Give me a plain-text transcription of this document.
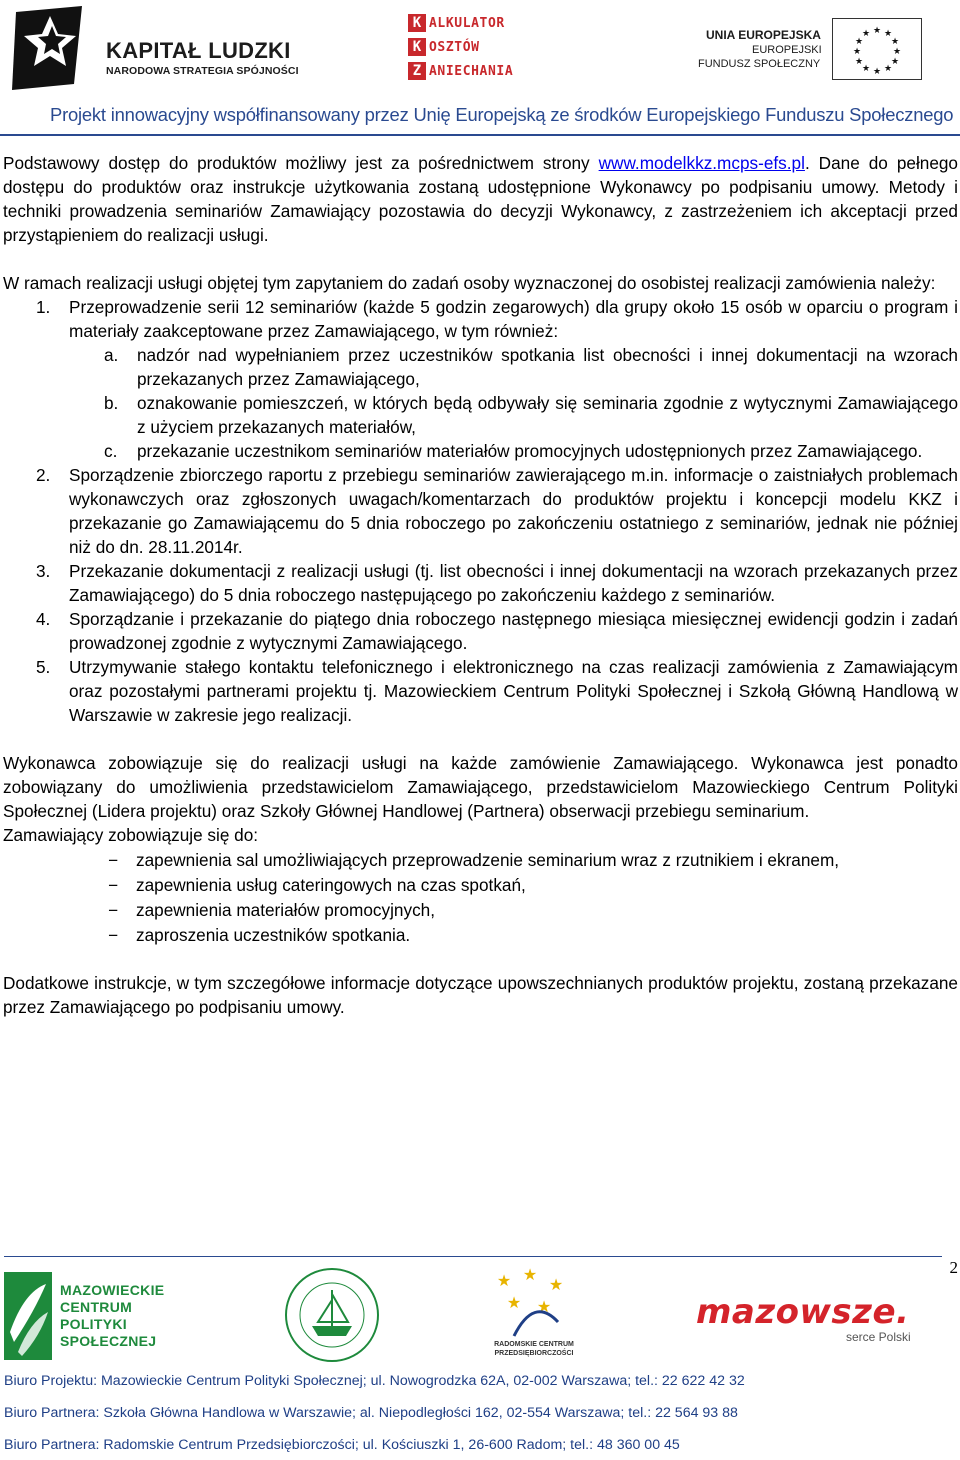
KAPITAŁ LUDZKI
NARODOWA STRATEGIA SPÓJNOŚCI
K ALKULATOR
K OSZTÓW
Z ANIECHANIA
UNIA EUROPEJSKA
EUROPEJSKI
FUNDUSZ SPOŁECZNY
★ ★
★
★
★
★
★
★
★
★
★
★
Projekt innowacyjny współfinansowany przez Unię Europejską ze środków Europejskiego Funduszu Społecznego

Podstawowy dostęp do produktów możliwy jest za pośrednictwem strony www.modelkkz.mcps-efs.pl. Dane do pełnego dostępu do produktów oraz instrukcje użytkowania zostaną udostępnione Wykonawcy po podpisaniu umowy. Metody i techniki prowadzenia seminariów Zamawiający pozostawia do decyzji Wykonawcy, z zastrzeżeniem ich akceptacji przed przystąpieniem do realizacji usługi.

W ramach realizacji usługi objętej tym zapytaniem do zadań osoby wyznaczonej do osobistej realizacji zamówienia należy:

1. Przeprowadzenie serii 12 seminariów (każde 5 godzin zegarowych) dla grupy około 15 osób w oparciu o program i materiały zaakceptowane przez Zamawiającego, w tym również:
a. nadzór nad wypełnianiem przez uczestników spotkania list obecności i innej dokumentacji na wzorach przekazanych przez Zamawiającego,
b. oznakowanie pomieszczeń, w których będą odbywały się seminaria zgodnie z wytycznymi Zamawiającego z użyciem przekazanych materiałów,
c. przekazanie uczestnikom seminariów materiałów promocyjnych udostępnionych przez Zamawiającego.
2. Sporządzenie zbiorczego raportu z przebiegu seminariów zawierającego m.in. informacje o zaistniałych problemach wykonawczych oraz zgłoszonych uwagach/komentarzach do produktów projektu i koncepcji modelu KKZ i przekazanie go Zamawiającemu do 5 dnia roboczego po zakończeniu ostatniego z seminariów, jednak nie później niż do dn. 28.11.2014r.
3. Przekazanie dokumentacji z realizacji usługi (tj. list obecności i innej dokumentacji na wzorach przekazanych przez Zamawiającego) do 5 dnia roboczego następującego po zakończeniu każdego z seminariów.
4. Sporządzanie i przekazanie do piątego dnia roboczego następnego miesiąca miesięcznej ewidencji godzin i zadań prowadzonej zgodnie z wytycznymi Zamawiającego.
5. Utrzymywanie stałego kontaktu telefonicznego i elektronicznego na czas realizacji zamówienia z Zamawiającym oraz pozostałymi partnerami projektu tj. Mazowieckiem Centrum Polityki Społecznej i Szkołą Główną Handlową w Warszawie w zakresie jego realizacji.

Wykonawca zobowiązuje się do realizacji usługi na każde zamówienie Zamawiającego. Wykonawca jest ponadto zobowiązany do umożliwienia przedstawicielom Zamawiającego, przedstawicielom Mazowieckiego Centrum Polityki Społecznej (Lidera projektu) oraz Szkoły Głównej Handlowej (Partnera) obserwacji przebiegu seminarium.

Zamawiający zobowiązuje się do:

− zapewnienia sal umożliwiających przeprowadzenie seminarium wraz z rzutnikiem i ekranem,
− zapewnienia usług cateringowych na czas spotkań,
− zapewnienia materiałów promocyjnych,
− zaproszenia uczestników spotkania.

Dodatkowe instrukcje, w tym szczegółowe informacje dotyczące upowszechnianych produktów projektu, zostaną przekazane przez Zamawiającego po podpisaniu umowy.

2
MAZOWIECKIE
CENTRUM
POLITYKI
SPOŁECZNEJ
★ ★
★
★ ★
RADOMSKIE CENTRUM PRZEDSIĘBIORCZOŚCI
mazowsze.
serce Polski
Biuro Projektu: Mazowieckie Centrum Polityki Społecznej; ul. Nowogrodzka 62A, 02-002 Warszawa; tel.: 22 622 42 32
Biuro Partnera: Szkoła Główna Handlowa w Warszawie; al. Niepodległości 162, 02-554 Warszawa; tel.: 22 564 93 88
Biuro Partnera: Radomskie Centrum Przedsiębiorczości; ul. Kościuszki 1, 26-600 Radom; tel.: 48 360 00 45
